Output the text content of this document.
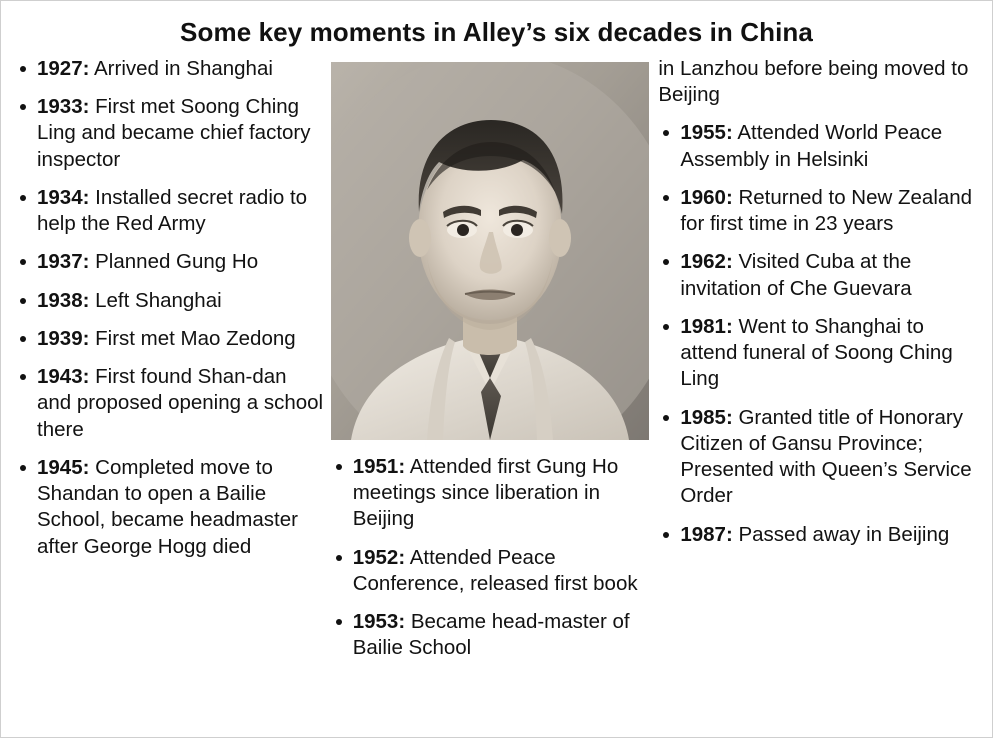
Some key moments in Alley’s six decades in China
1927: Arrived in Shanghai
1933: First met Soong Ching Ling and became chief factory inspector
1934: Installed secret radio to help the Red Army
1937: Planned Gung Ho
1938: Left Shanghai
1939: First met Mao Zedong
1943: First found Shan-dan and proposed opening a school there
1945: Completed move to Shandan to open a Bailie School, became headmaster after George Hogg died
1951: Attended first Gung Ho meetings since liberation in Beijing
1952: Attended Peace Conference, released first book
1953: Became head-master of Bailie School

in Lanzhou before being moved to Beijing

1955: Attended World Peace Assembly in Helsinki
1960: Returned to New Zealand for first time in 23 years
1962: Visited Cuba at the invitation of Che Guevara
1981: Went to Shanghai to attend funeral of Soong Ching Ling
1985: Granted title of Honorary Citizen of Gansu Province; Presented with Queen’s Service Order
1987: Passed away in Beijing
